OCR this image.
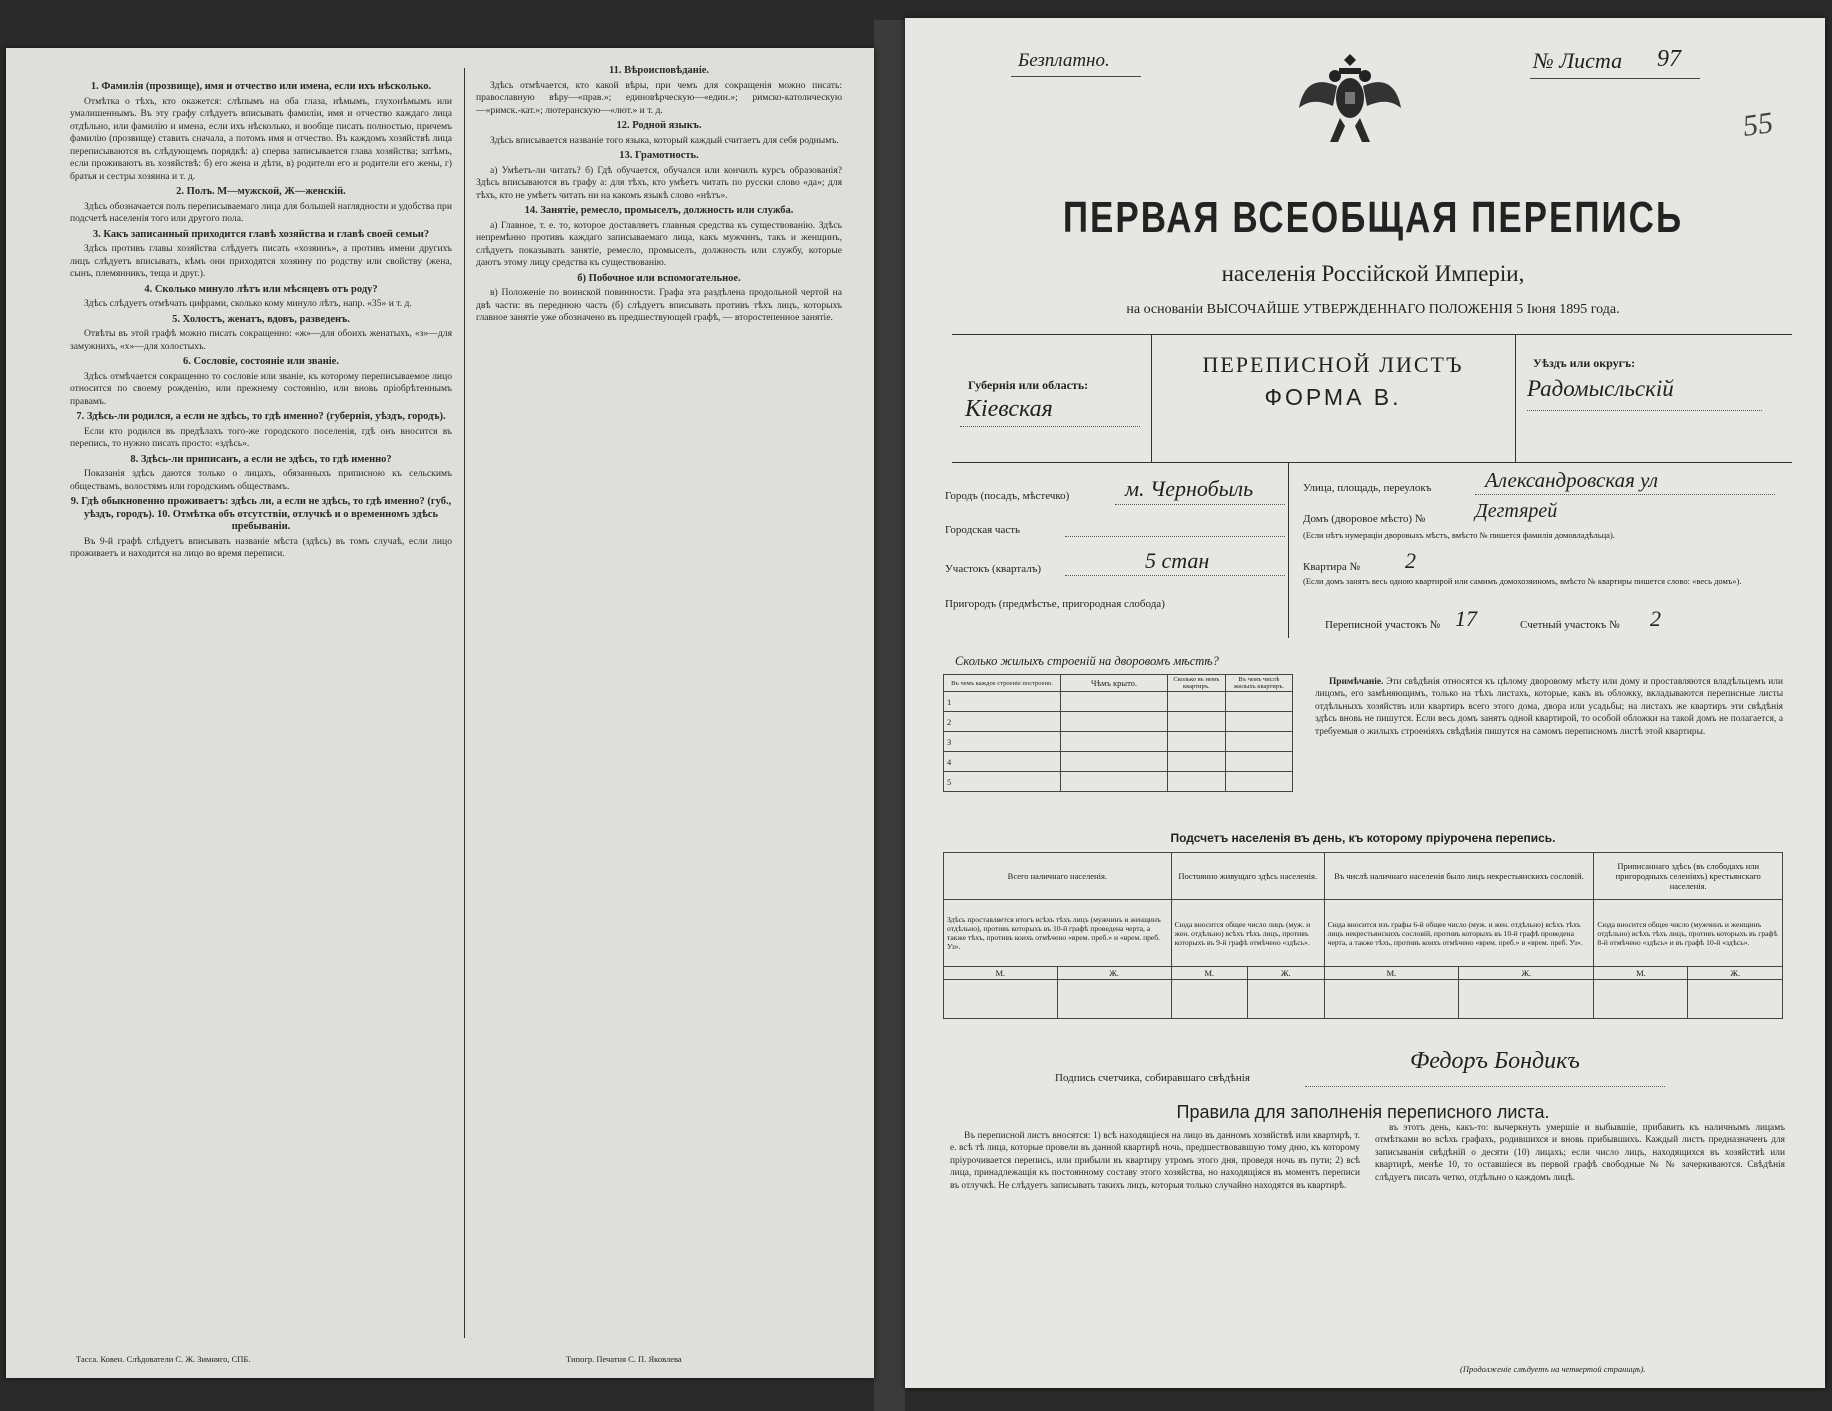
1. Фамилія (прозвище), имя и отчество или имена, если ихъ нѣсколько.

Отмѣтка о тѣхъ, кто окажется: слѣпымъ на оба глаза, нѣмымъ, глухонѣмымъ или умалишеннымъ. Въ эту графу слѣдуетъ вписывать фамиліи, имя и отчество каждаго лица отдѣльно, или фамилію и имена, если ихъ нѣсколько, и вообще писать полностью, причемъ фамилію (прозвище) ставить сначала, а потомъ имя и отчество. Въ каждомъ хозяйствѣ лица переписываются въ слѣдующемъ порядкѣ: а) сперва записывается глава хозяйства; затѣмъ, если проживаютъ въ хозяйствѣ: б) его жена и дѣти, в) родители его и родители его жены, г) братья и сестры хозяина и т. д.

2. Полъ. М—мужской, Ж—женскій.

Здѣсь обозначается полъ переписываемаго лица для большей наглядности и удобства при подсчетѣ населенія того или другого пола.

3. Какъ записанный приходится главѣ хозяйства и главѣ своей семьи?

Здѣсь противъ главы хозяйства слѣдуетъ писать «хозяинъ», а противъ имени другихъ лицъ слѣдуетъ вписывать, кѣмъ они приходятся хозяину по родству или свойству (жена, сынъ, племянникъ, теща и друг.).

4. Сколько минуло лѣтъ или мѣсяцевъ отъ роду?

Здѣсь слѣдуетъ отмѣчать цифрами, сколько кому минуло лѣтъ, напр. «35» и т. д.

5. Холостъ, женатъ, вдовъ, разведенъ.

Отвѣты въ этой графѣ можно писать сокращенно: «ж»—для обоихъ женатыхъ, «з»—для замужнихъ, «х»—для холостыхъ.

6. Сословіе, состояніе или званіе.

Здѣсь отмѣчается сокращенно то сословіе или званіе, къ которому переписываемое лицо относится по своему рожденію, или прежнему состоянію, или вновь пріобрѣтеннымъ правамъ.

7. Здѣсь-ли родился, а если не здѣсь, то гдѣ именно? (губернія, уѣздъ, городъ).

Если кто родился въ предѣлахъ того-же городского поселенія, гдѣ онъ вносится въ перепись, то нужно писать просто: «здѣсь».

8. Здѣсь-ли приписанъ, а если не здѣсь, то гдѣ именно?

Показанія здѣсь даются только о лицахъ, обязанныхъ приписною къ сельскимъ обществамъ, волостямъ или городскимъ обществамъ.

9. Гдѣ обыкновенно проживаетъ: здѣсь ли, а если не здѣсь, то гдѣ именно? (губ., уѣздъ, городъ). 10. Отмѣтка объ отсутствіи, отлучкѣ и о временномъ здѣсь пребываніи.

Въ 9-й графѣ слѣдуетъ вписывать названіе мѣста (здѣсь) въ томъ случаѣ, если лицо проживаетъ и находится на лицо во время переписи.

11. Вѣроисповѣданіе.

Здѣсь отмѣчается, кто какой вѣры, при чемъ для сокращенія можно писать: православную вѣру—«прав.»; единовѣрческую—«един.»; римско-католическую—«римск.-кат.»; лютеранскую—«лют.» и т. д.

12. Родной языкъ.

Здѣсь вписывается названіе того языка, который каждый считаетъ для себя роднымъ.

13. Грамотность.

а) Умѣетъ-ли читать? б) Гдѣ обучается, обучался или кончилъ курсъ образованія? Здѣсь вписываются въ графу а: для тѣхъ, кто умѣетъ читать по русски слово «да»; для тѣхъ, кто не умѣетъ читать ни на какомъ языкѣ слово «нѣтъ».

14. Занятіе, ремесло, промыселъ, должность или служба.

а) Главное, т. е. то, которое доставляетъ главныя средства къ существованію. Здѣсь непремѣнно противъ каждаго записываемаго лица, какъ мужчинъ, такъ и женщинъ, слѣдуетъ показывать занятіе, ремесло, промыселъ, должность или службу, которые даютъ этому лицу средства къ существованію.

б) Побочное или вспомогательное.

в) Положеніе по воинской повинности. Графа эта раздѣлена продольной чертой на двѣ части: въ переднюю часть (б) слѣдуетъ вписывать противъ тѣхъ лицъ, которыхъ главное занятіе уже обозначено въ предшествующей графѣ, — второстепенное занятіе.

Тасса. Ковен. Слѣдователи С. Ж. Зимняго, СПБ.	Типогр. Печатня С. П. Яковлева
Безплатно.	№ Листа 97
55
ПЕРВАЯ ВСЕОБЩАЯ ПЕРЕПИСЬ
населенія Россійской Имперіи,
на основаніи ВЫСОЧАЙШЕ УТВЕРЖДЕННАГО ПОЛОЖЕНІЯ 5 Іюня 1895 года.
Губернія или область:
Кіевская
ПЕРЕПИСНОЙ ЛИСТЪ
ФОРМА В.
Уѣздъ или округъ:
Радомысльскій
Городъ (посадъ, мѣстечко)	м. Чернобыль
Городская часть
Участокъ (кварталъ)	5 стан
Пригородъ (предмѣстье, пригородная слобода)
Улица, площадь, переулокъ	Александровская ул
Домъ (дворовое мѣсто) № Дегтярей
(Если нѣтъ нумераціи дворовыхъ мѣстъ, вмѣсто № пишется фамилія домовладѣльца).
Квартира № 2
(Если домъ занятъ весь одною квартирой или самимъ домохозяиномъ, вмѣсто № квартиры пишется слово: «весь домъ»).
Переписной участокъ № 17	Счетный участокъ № 2
Сколько жилыхъ строеній на дворовомъ мѣстѣ?
Въ чемъ каждое строеніе построено.	Чѣмъ крыто.	Сколько въ немъ квартиръ.	Въ чемъ числѣ жилыхъ квартиръ.
1			
2			
3			
4			
5			

Примѣчаніе. Эти свѣдѣнія относятся къ цѣлому дворовому мѣсту или дому и проставляются владѣльцемъ или лицомъ, его замѣняющимъ, только на тѣхъ листахъ, которые, какъ въ обложку, вкладываются переписные листы отдѣльныхъ хозяйствъ или квартиръ всего этого дома, двора или усадьбы; на листахъ же квартиръ эти свѣдѣнія здѣсь вновь не пишутся. Если весь домъ занятъ одной квартирой, то особой обложки на такой домъ не полагается, а требуемыя о жилыхъ строеніяхъ свѣдѣнія пишутся на самомъ переписномъ листѣ этой квартиры.

Подсчетъ населенія въ день, къ которому пріурочена перепись.
Всего наличнаго населенія.		Постоянно живущаго здѣсь населенія.		Въ числѣ наличнаго населенія было лицъ некрестьянскихъ сословій.		Приписаннаго здѣсь (въ слободахъ или пригородныхъ селеніяхъ) крестьянскаго населенія.	
Здѣсь проставляется итогъ всѣхъ тѣхъ лицъ (мужчинъ и женщинъ отдѣльно), противъ которыхъ въ 10-й графѣ проведена черта, а также тѣхъ, противъ коихъ отмѣчено «врем. преб.» и «врем. преб. Уз».		Сюда вносится общее число лицъ (муж. и жен. отдѣльно) всѣхъ тѣхъ лицъ, противъ которыхъ въ 9-й графѣ отмѣчено «здѣсь».		Сюда вносится изъ графы 6-й общее число (муж. и жен. отдѣльно) всѣхъ тѣхъ лицъ некрестьянскихъ сословій, противъ которыхъ въ 10-й графѣ проведена черта, а также тѣхъ, противъ коихъ отмѣчено «врем. преб.» и «врем. преб. Уз».		Сюда вносится общее число (мужчинъ и женщинъ отдѣльно) всѣхъ тѣхъ лицъ, противъ которыхъ въ графѣ 8-й отмѣчено «здѣсь» и въ графѣ 10-й «здѣсь».	
М.	Ж.	М.	Ж.	М.	Ж.	М.	Ж.

Подпись счетчика, собиравшаго свѣдѣнія
Федоръ Бондикъ
Правила для заполненія переписного листа.

Въ переписной листъ вносятся: 1) всѣ находящіеся на лицо въ данномъ хозяйствѣ или квартирѣ, т. е. всѣ тѣ лица, которые провели въ данной квартирѣ ночь, предшествовавшую тому дню, къ которому пріурочивается перепись, или прибыли въ квартиру утромъ этого дня, проведя ночь въ пути; 2) всѣ лица, принадлежащія къ постоянному составу этого хозяйства, но находящіяся въ моментъ переписи въ отлучкѣ. Не слѣдуетъ записывать такихъ лицъ, которыя только случайно находятся въ квартирѣ.

въ этотъ день, какъ-то: вычеркнуть умершіе и выбывшіе, прибавить къ наличнымъ лицамъ отмѣтками во всѣхъ графахъ, родившихся и вновь прибывшихъ. Каждый листъ предназначенъ для записыванія свѣдѣній о десяти (10) лицахъ; если число лицъ, находящихся въ хозяйствѣ или квартирѣ, менѣе 10, то оставшіеся въ первой графѣ свободные № № зачеркиваются. Свѣдѣнія слѣдуетъ писать четко, отдѣльно о каждомъ лицѣ.

(Продолженіе слѣдуетъ на четвертой страницѣ).
